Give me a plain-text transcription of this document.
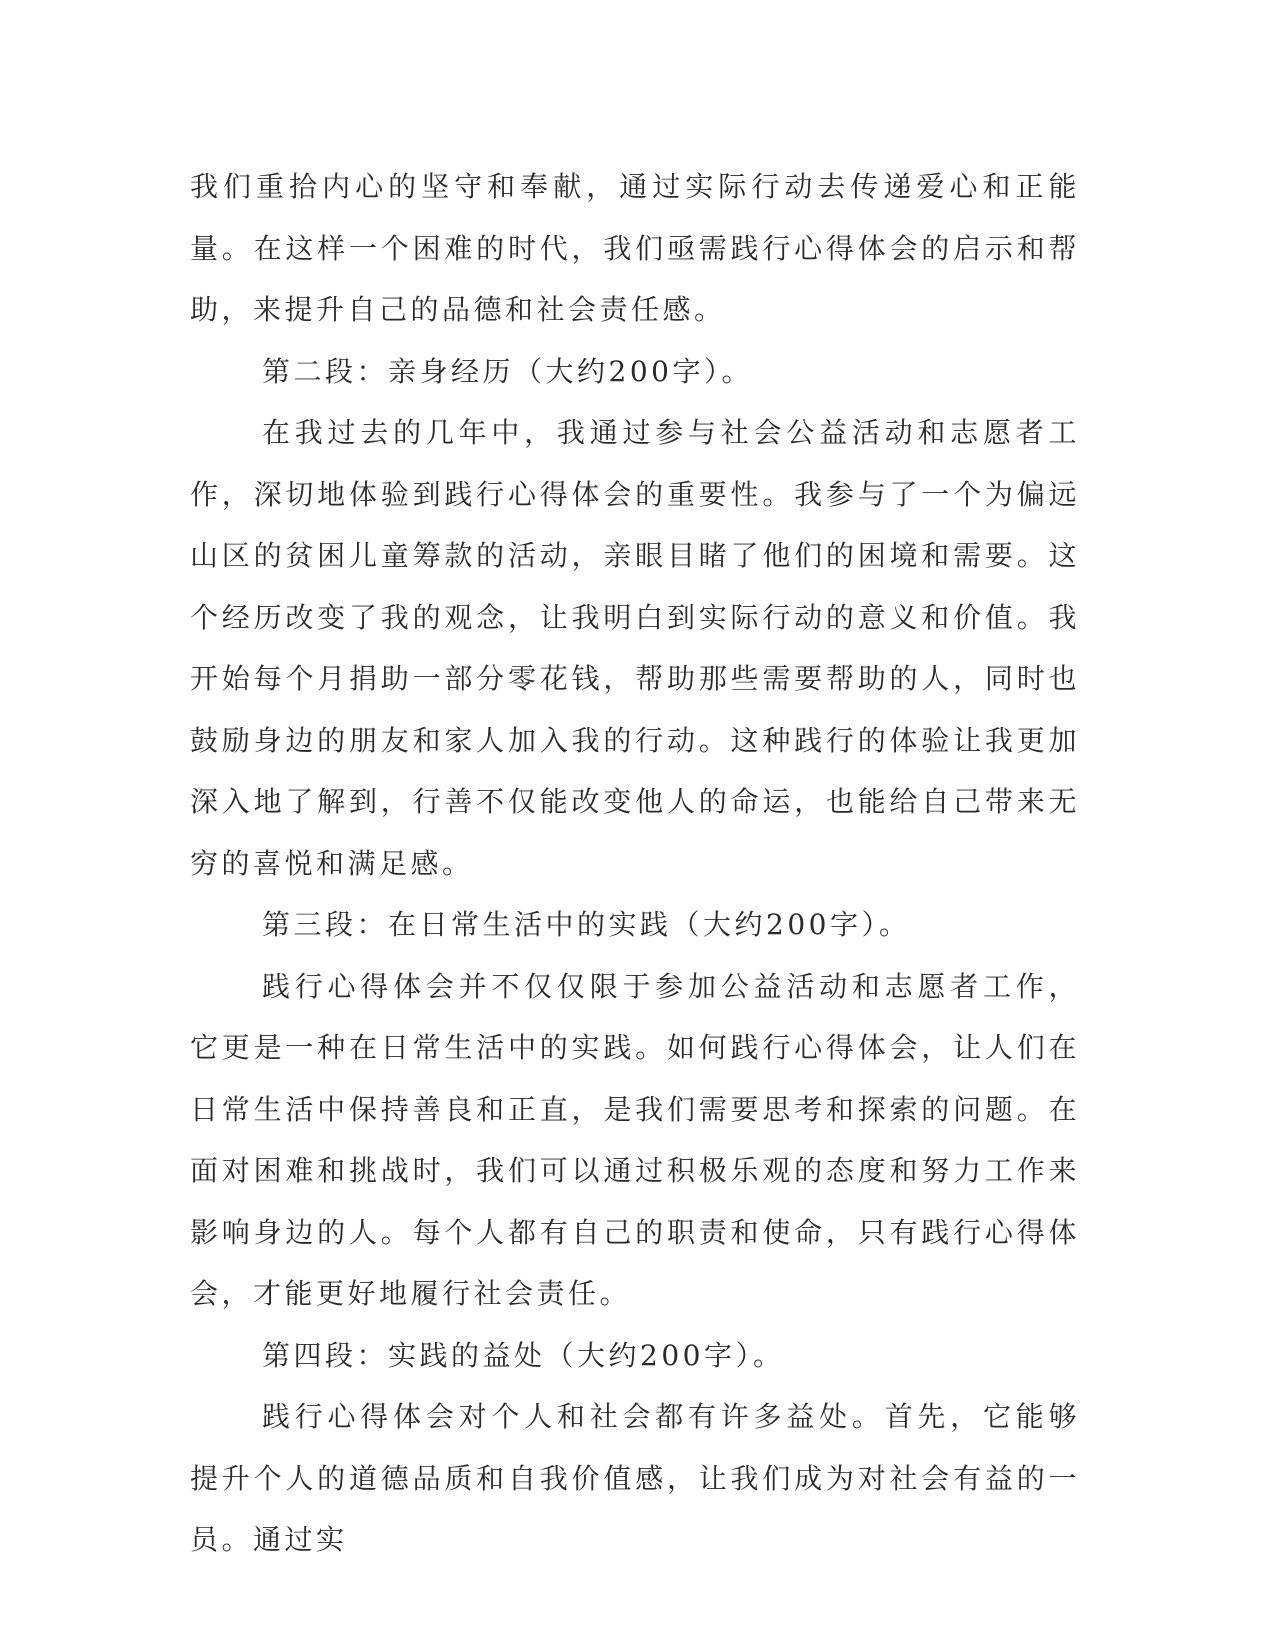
我们重拾内心的坚守和奉献，通过实际行动去传递爱心和正能量。在这样一个困难的时代，我们亟需践行心得体会的启示和帮助，来提升自己的品德和社会责任感。

第二段：亲身经历（大约200字）。

在我过去的几年中，我通过参与社会公益活动和志愿者工作，深切地体验到践行心得体会的重要性。我参与了一个为偏远山区的贫困儿童筹款的活动，亲眼目睹了他们的困境和需要。这个经历改变了我的观念，让我明白到实际行动的意义和价值。我开始每个月捐助一部分零花钱，帮助那些需要帮助的人，同时也鼓励身边的朋友和家人加入我的行动。这种践行的体验让我更加深入地了解到，行善不仅能改变他人的命运，也能给自己带来无穷的喜悦和满足感。

第三段：在日常生活中的实践（大约200字）。

践行心得体会并不仅仅限于参加公益活动和志愿者工作，它更是一种在日常生活中的实践。如何践行心得体会，让人们在日常生活中保持善良和正直，是我们需要思考和探索的问题。在面对困难和挑战时，我们可以通过积极乐观的态度和努力工作来影响身边的人。每个人都有自己的职责和使命，只有践行心得体会，才能更好地履行社会责任。

第四段：实践的益处（大约200字）。

践行心得体会对个人和社会都有许多益处。首先，它能够提升个人的道德品质和自我价值感，让我们成为对社会有益的一员。通过实
